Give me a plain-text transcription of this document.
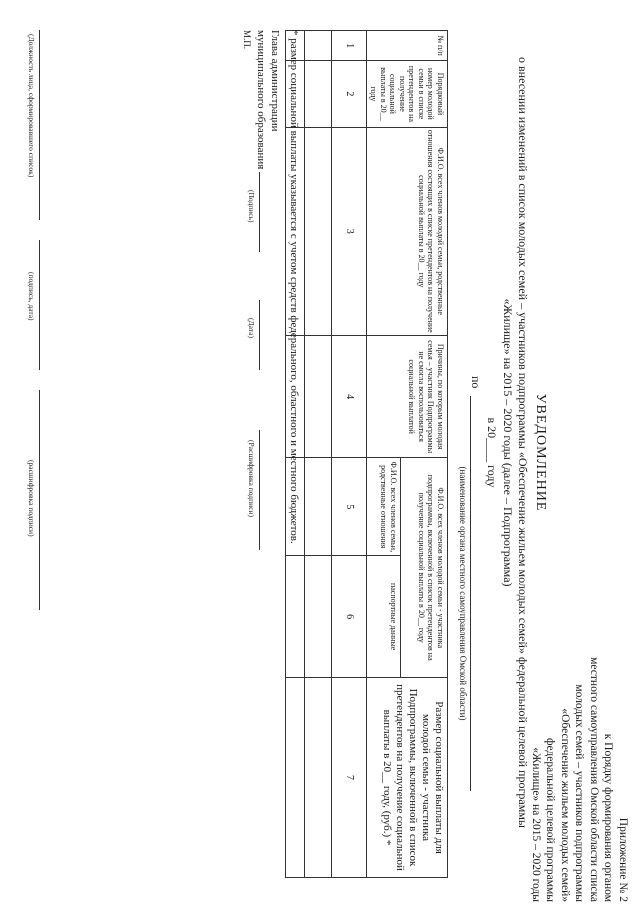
Приложение № 2
к Порядку формирования органом
местного самоуправления Омской области списка
молодых семей – участников подпрограммы
«Обеспечение жильем молодых семей»
федеральной целевой программы
«Жилище» на 2015 – 2020 годы
УВЕДОМЛЕНИЕ
о внесении изменений в список молодых семей – участников подпрограммы «Обеспечение жильем молодых семей» федеральной целевой программы «Жилище» на 2015 – 2020 годы (далее – Подпрограмма)
в 20____ году
по
(наименование органа местного самоуправления Омской области)
№ п/п	Порядковый номер молодой семьи в списке претендентов на получение социальной выплаты в 20__ году	Ф.И.О. всех членов молодой семьи, родственные отношения состоящих в списке претендентов на получение социальной выплаты в 20__ году	Причины, по которым молодая семья – участник Подпрограммы не смогла воспользоваться социальной выплатой	Ф.И.О. всех членов молодой семьи - участника подпрограммы, включенной в список претендентов на получение социальной выплаты в 20__ году		Размер социальной выплаты для молодой семьи - участника Подпрограммы, включенной в список претендентов на получение социальной выплаты в 20__ году, (руб.) *
				Ф.И.О. всех членов семьи, родственные отношения	паспортные данные	
1	2	3	4	5	6	7

* размер социальной выплаты указывается с учетом средств федерального, областного и местного бюджетов.
Глава администрации
муниципального образования
(Подпись)
(Дата)
(Расшифровка подписи)
М.П.
(Должность лица, сформировавшего список)
(подпись, дата)
(расшифровка подписи)
